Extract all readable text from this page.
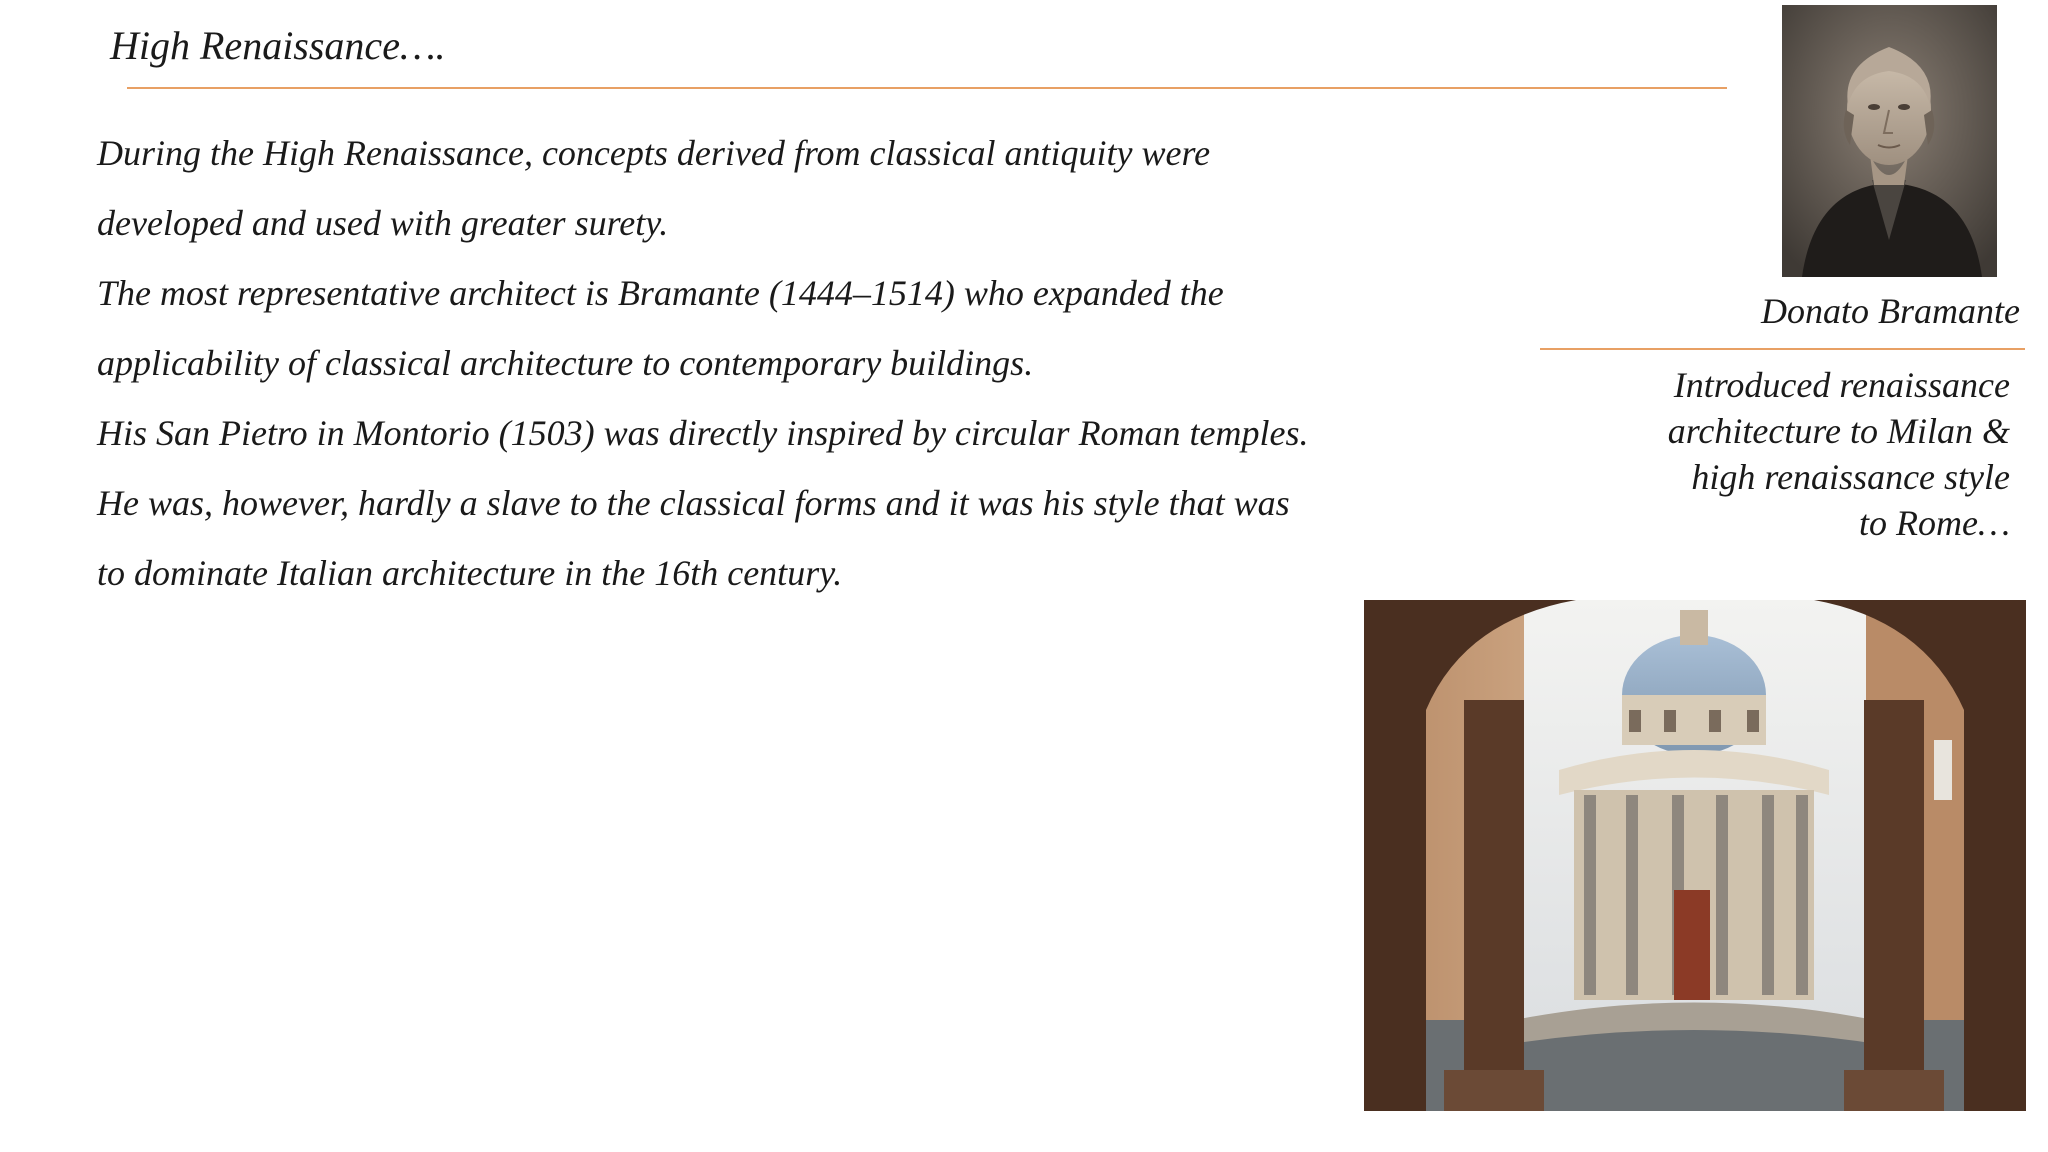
High Renaissance….

During the High Renaissance, concepts derived from classical antiquity were

developed and used with greater surety.

The most representative architect is Bramante (1444–1514) who expanded the

applicability of classical architecture to contemporary buildings.

His San Pietro in Montorio (1503) was directly inspired by circular Roman temples.

He was, however, hardly a slave to the classical forms and it was his style that was

to dominate Italian architecture in the 16th century.

Donato Bramante
Introduced renaissance
architecture to Milan &
high renaissance style
to Rome…
